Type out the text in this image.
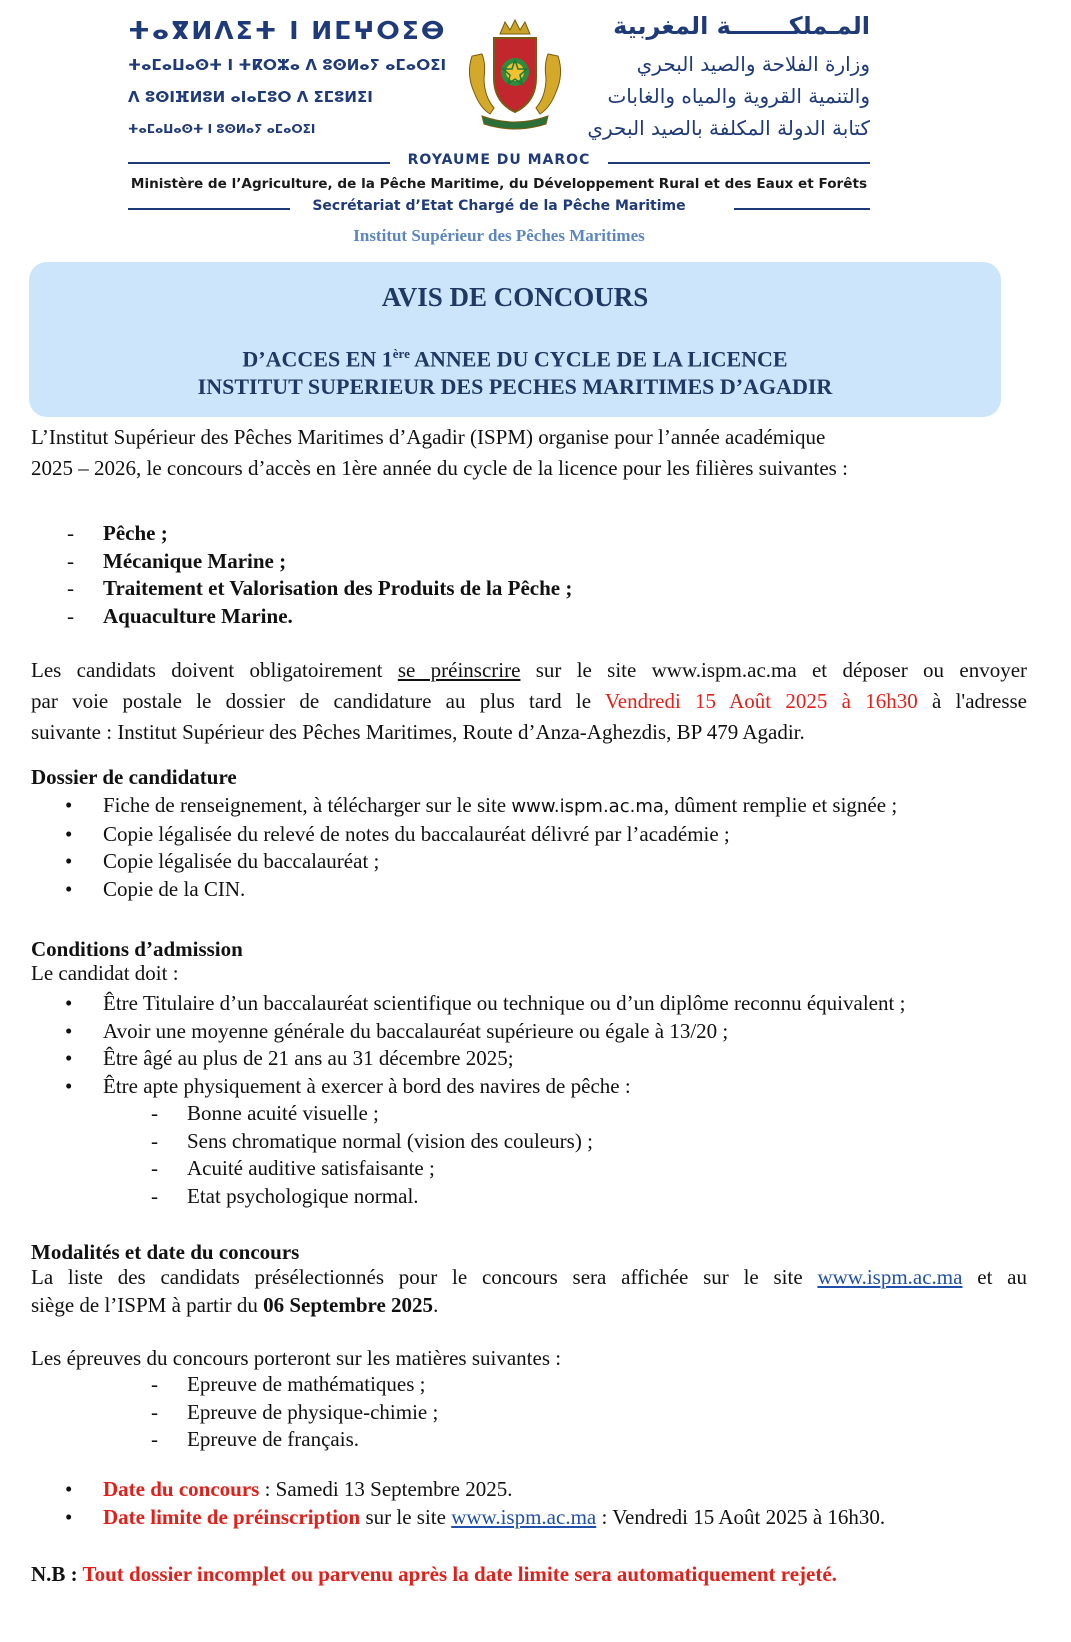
ⵜⴰⴳⵍⴷⵉⵜ ⵏ ⵍⵎⵖⵔⵉⴱ
ⵜⴰⵎⴰⵡⴰⵙⵜ ⵏ ⵜⴽⵔⵣⴰ ⴷ ⵓⵙⵍⴰⵢ ⴰⵎⴰⵔⵉⵏ
ⴷ ⵓⵙⵏⴼⵍⵓⵍ ⴰⵏⴰⵎⵓⵔ ⴷ ⵉⵎⵓⵍⵉⵏ
ⵜⴰⵎⴰⵡⴰⵙⵜ ⵏ ⵓⵙⵍⴰⵢ ⴰⵎⴰⵔⵉⵏ
المـملكـــــــة المغربية
وزارة الفلاحة والصيد البحري
والتنمية القروية والمياه والغابات
كتابة الدولة المكلفة بالصيد البحري
ROYAUME DU MAROC
Ministère de l’Agriculture, de la Pêche Maritime, du Développement Rural et des Eaux et Forêts
Secrétariat d’Etat Chargé de la Pêche Maritime
Institut Supérieur des Pêches Maritimes
AVIS DE CONCOURS
D’ACCES EN 1ère ANNEE DU CYCLE DE LA LICENCE
INSTITUT SUPERIEUR DES PECHES MARITIMES D’AGADIR
L’Institut Supérieur des Pêches Maritimes d’Agadir (ISPM) organise pour l’année académique
2025 – 2026, le concours d’accès en 1ère année du cycle de la licence pour les filières suivantes :
- Pêche ;
- Mécanique Marine ;
- Traitement et Valorisation des Produits de la Pêche ;
- Aquaculture Marine.
Les candidats doivent obligatoirement se préinscrire sur le site www.ispm.ac.ma et déposer ou envoyer
par voie postale le dossier de candidature au plus tard le Vendredi 15 Août 2025 à 16h30 à l'adresse
suivante : Institut Supérieur des Pêches Maritimes, Route d’Anza-Aghezdis, BP 479 Agadir.
Dossier de candidature
• Fiche de renseignement, à télécharger sur le site www.ispm.ac.ma, dûment remplie et signée ;
• Copie légalisée du relevé de notes du baccalauréat délivré par l’académie ;
• Copie légalisée du baccalauréat ;
• Copie de la CIN.
Conditions d’admission
Le candidat doit :
• Être Titulaire d’un baccalauréat scientifique ou technique ou d’un diplôme reconnu équivalent ;
• Avoir une moyenne générale du baccalauréat supérieure ou égale à 13/20 ;
• Être âgé au plus de 21 ans au 31 décembre 2025;
• Être apte physiquement à exercer à bord des navires de pêche :
- Bonne acuité visuelle ;
- Sens chromatique normal (vision des couleurs) ;
- Acuité auditive satisfaisante ;
- Etat psychologique normal.
Modalités et date du concours
La liste des candidats présélectionnés pour le concours sera affichée sur le site www.ispm.ac.ma et au
siège de l’ISPM à partir du 06 Septembre 2025.
Les épreuves du concours porteront sur les matières suivantes :
- Epreuve de mathématiques ;
- Epreuve de physique-chimie ;
- Epreuve de français.
• Date du concours : Samedi 13 Septembre 2025.
• Date limite de préinscription sur le site www.ispm.ac.ma : Vendredi 15 Août 2025 à 16h30.
N.B : Tout dossier incomplet ou parvenu après la date limite sera automatiquement rejeté.
